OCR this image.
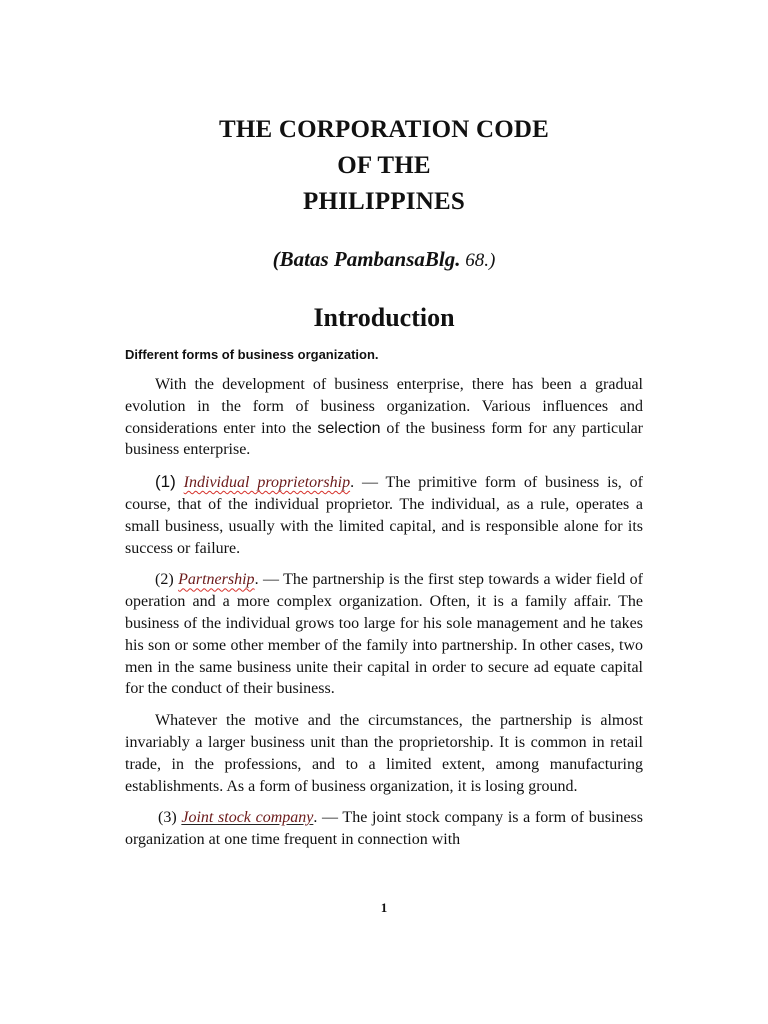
THE CORPORATION CODE
OF THE
PHILIPPINES
(Batas PambansaBlg. 68.)
Introduction
Different forms of business organization.

With the development of business enterprise, there has been a gradual evolution in the form of business organization. Various influences and considerations enter into the selection of the business form for any particular business enterprise.

(1) Individual proprietorship. — The primitive form of business is, of course, that of the individual proprietor. The individual, as a rule, operates a small business, usually with the limited capital, and is responsible alone for its success or failure.

(2) Partnership. — The partnership is the first step towards a wider field of operation and a more complex organization. Often, it is a family affair. The business of the individual grows too large for his sole management and he takes his son or some other member of the family into partnership. In other cases, two men in the same business unite their capital in order to secure ad equate capital for the conduct of their business.

Whatever the motive and the circumstances, the partnership is almost invariably a larger business unit than the proprietorship. It is common in retail trade, in the professions, and to a limited extent, among manufacturing establishments. As a form of business organization, it is losing ground.

(3) Joint stock company. — The joint stock company is a form of business organization at one time frequent in connection with

1
